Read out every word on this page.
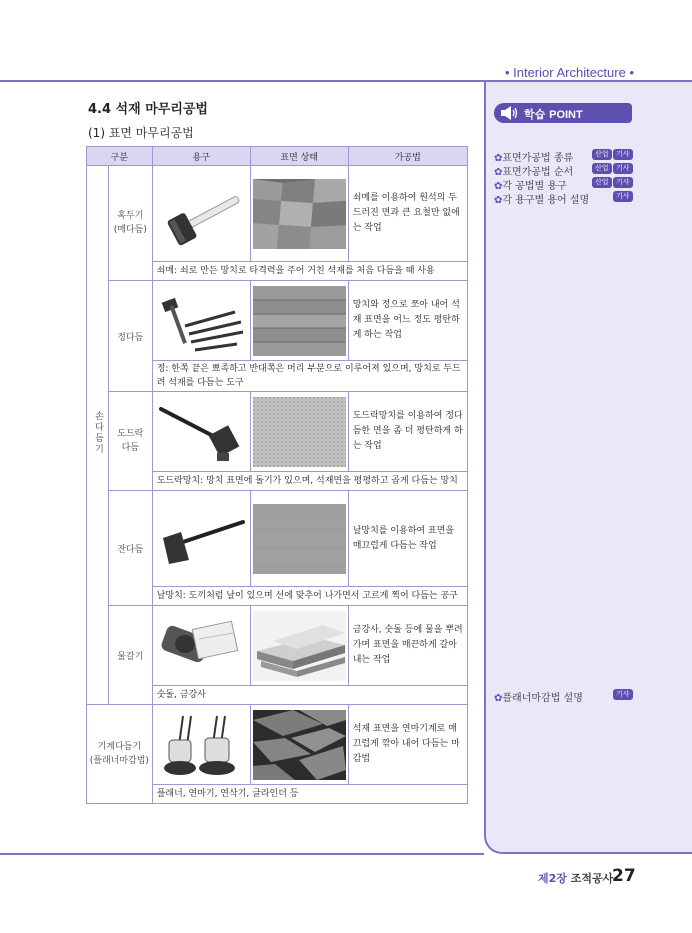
• Interior Architecture •
학습 POINT
✿표면가공법 종류	산업	기사
✿표면가공법 순서	산업	기사
✿각 공법별 용구	산업	기사
✿각 용구별 용어 설명	기사
✿플래너마감법 설명	기사
4.4 석재 마무리공법
(1) 표면 마무리공법
구분		용구	표면 상태	가공법
손다듬기	혹두기
(메다듬)			쇠메를 이용하여 원석의 두드러진 면과 큰 요철만 없애는 작업
		쇠메: 쇠로 만든 망치로 타격력을 주어 거친 석재를 처음 다듬을 때 사용		
	정다듬			망치와 정으로 쪼아 내어 석재 표면을 어느 정도 평탄하게 하는 작업
		정: 한쪽 끝은 뾰족하고 반대쪽은 머리 부분으로 이루어져 있으며, 망치로 두드려 석재를 다듬는 도구		
	도드락
다듬			도드락망치를 이용하여 정다듬한 면을 좀 더 평탄하게 하는 작업
		도드락망치: 망치 표면에 돌기가 있으며, 석재면을 평평하고 곱게 다듬는 망치		
	잔다듬			날망치를 이용하여 표면을 매끄럽게 다듬는 작업
		날망치: 도끼처럼 날이 있으며 선에 맞추어 나가면서 고르게 찍어 다듬는 공구		
	물갈기			금강사, 숫돌 등에 물을 뿌려 가며 표면을 매끈하게 갈아내는 작업
		숫돌, 금강사		
기계다듬기
(플래너마감법)				석재 표면을 연마기계로 매끄럽게 깎아 내어 다듬는 마감법
		플래너, 연마기, 연삭기, 글라인더 등		
제2장 조적공사
27
